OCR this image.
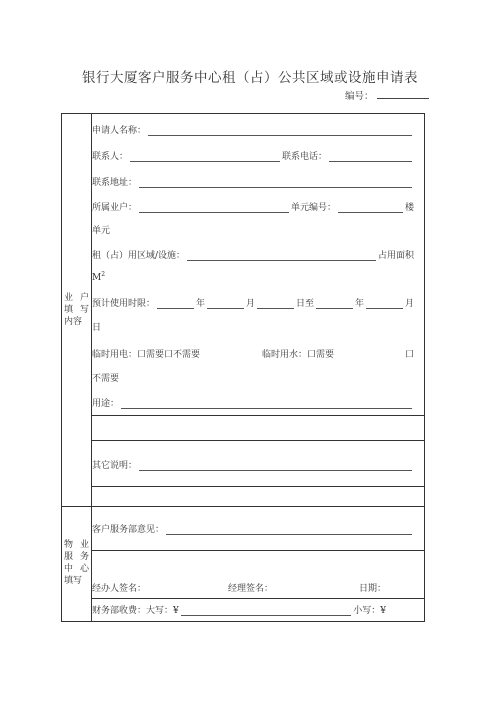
银行大厦客户服务中心租（占）公共区域或设施申请表
编号：
业 户
填 写
内容
物 业
服 务
中 心
填写
申请人名称：
联系人：	联系电话：
联系地址：
所属业户：	单元编号：	楼
单元
租（占）用区域/设施：	占用面积
$M^2$
预计使用时限：	年	月	日至	年	月
日
临时用电：口需要口不需要	临时用水：口需要	口
不需要
用途：
其它说明：
客户服务部意见：
经办人签名：	经理签名：	日期：
财务部收费：大写：¥	小写：¥
